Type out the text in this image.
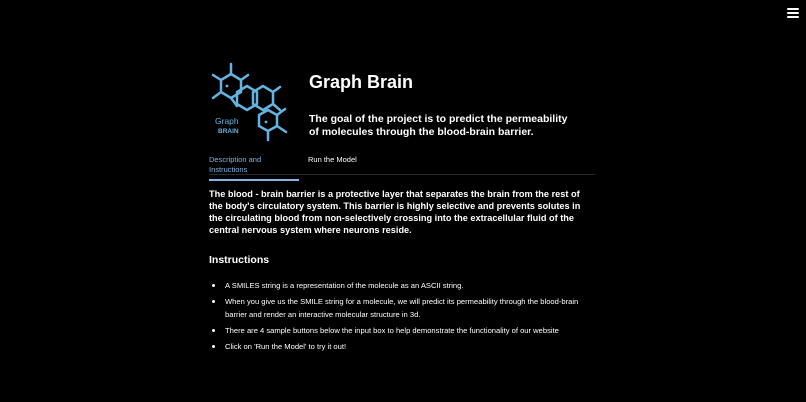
Graph
BRAIN
Graph Brain
The goal of the project is to predict the permeability of molecules through the blood-brain barrier.
Description and Instructions
Run the Model

The blood - brain barrier is a protective layer that separates the brain from the rest of the body's circulatory system. This barrier is highly selective and prevents solutes in the circulating blood from non-selectively crossing into the extracellular fluid of the central nervous system where neurons reside.

Instructions
A SMILES string is a representation of the molecule as an ASCII string.
When you give us the SMILE string for a molecule, we will predict its permeability through the blood-brain barrier and render an interactive molecular structure in 3d.
There are 4 sample buttons below the input box to help demonstrate the functionality of our website
Click on 'Run the Model' to try it out!
